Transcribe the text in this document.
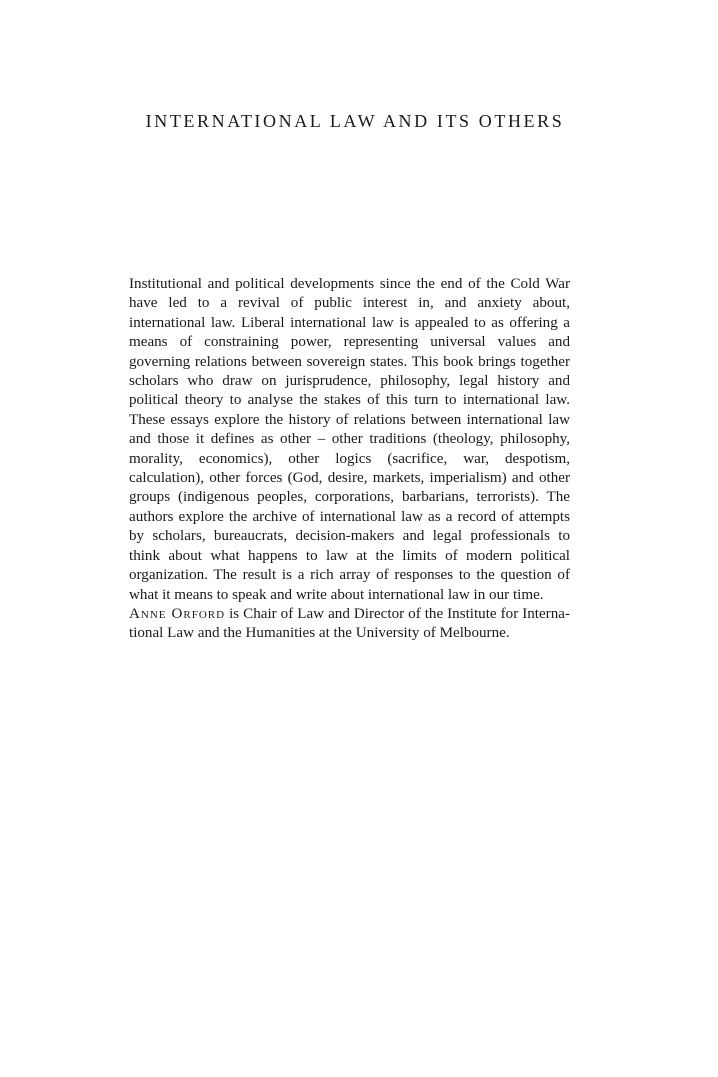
INTERNATIONAL LAW AND ITS OTHERS

Institutional and political developments since the end of the Cold War have led to a revival of public interest in, and anxiety about, international law. Liberal international law is appealed to as offering a means of constraining power, representing universal values and governing relations between sovereign states. This book brings together scholars who draw on jurisprudence, philosophy, legal history and political theory to analyse the stakes of this turn to international law. These essays explore the history of relations between international law and those it defines as other – other traditions (theology, philosophy, morality, economics), other logics (sacrifice, war, despotism, calculation), other forces (God, desire, markets, imperialism) and other groups (indigenous peoples, corporations, barbarians, terrorists). The authors explore the archive of international law as a record of attempts by scholars, bureaucrats, decision-makers and legal professionals to think about what happens to law at the limits of modern political organization. The result is a rich array of responses to the question of what it means to speak and write about international law in our time.

Anne Orford is Chair of Law and Director of the Institute for International Law and the Humanities at the University of Melbourne.
